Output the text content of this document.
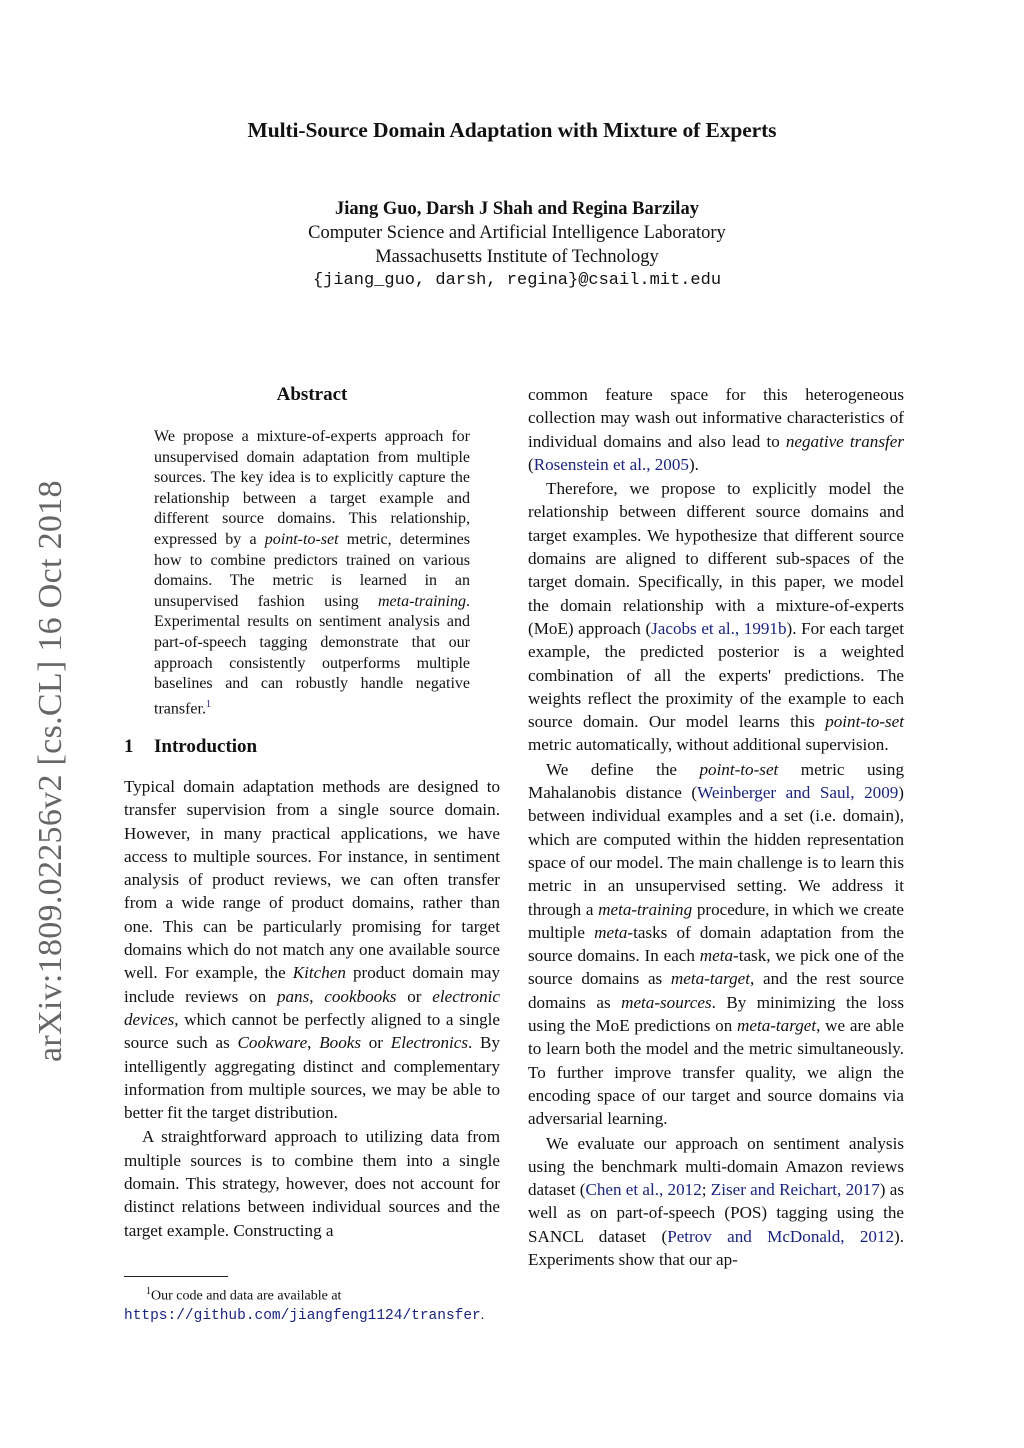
Multi-Source Domain Adaptation with Mixture of Experts
Jiang Guo, Darsh J Shah and Regina Barzilay
Computer Science and Artificial Intelligence Laboratory
Massachusetts Institute of Technology
{jiang_guo, darsh, regina}@csail.mit.edu
arXiv:1809.02256v2 [cs.CL] 16 Oct 2018
Abstract
We propose a mixture-of-experts approach for unsupervised domain adaptation from multiple sources. The key idea is to explicitly capture the relationship between a target example and different source domains. This relationship, expressed by a point-to-set metric, determines how to combine predictors trained on various domains. The metric is learned in an unsupervised fashion using meta-training. Experimental results on sentiment analysis and part-of-speech tagging demonstrate that our approach consistently outperforms multiple baselines and can robustly handle negative transfer.$^1$
1 Introduction

Typical domain adaptation methods are designed to transfer supervision from a single source domain. However, in many practical applications, we have access to multiple sources. For instance, in sentiment analysis of product reviews, we can often transfer from a wide range of product domains, rather than one. This can be particularly promising for target domains which do not match any one available source well. For example, the Kitchen product domain may include reviews on pans, cookbooks or electronic devices, which cannot be perfectly aligned to a single source such as Cookware, Books or Electronics. By intelligently aggregating distinct and complementary information from multiple sources, we may be able to better fit the target distribution.

A straightforward approach to utilizing data from multiple sources is to combine them into a single domain. This strategy, however, does not account for distinct relations between individual sources and the target example. Constructing a

common feature space for this heterogeneous collection may wash out informative characteristics of individual domains and also lead to negative transfer (Rosenstein et al., 2005).

Therefore, we propose to explicitly model the relationship between different source domains and target examples. We hypothesize that different source domains are aligned to different sub-spaces of the target domain. Specifically, in this paper, we model the domain relationship with a mixture-of-experts (MoE) approach (Jacobs et al., 1991b). For each target example, the predicted posterior is a weighted combination of all the experts' predictions. The weights reflect the proximity of the example to each source domain. Our model learns this point-to-set metric automatically, without additional supervision.

We define the point-to-set metric using Mahalanobis distance (Weinberger and Saul, 2009) between individual examples and a set (i.e. domain), which are computed within the hidden representation space of our model. The main challenge is to learn this metric in an unsupervised setting. We address it through a meta-training procedure, in which we create multiple meta-tasks of domain adaptation from the source domains. In each meta-task, we pick one of the source domains as meta-target, and the rest source domains as meta-sources. By minimizing the loss using the MoE predictions on meta-target, we are able to learn both the model and the metric simultaneously. To further improve transfer quality, we align the encoding space of our target and source domains via adversarial learning.

We evaluate our approach on sentiment analysis using the benchmark multi-domain Amazon reviews dataset (Chen et al., 2012; Ziser and Reichart, 2017) as well as on part-of-speech (POS) tagging using the SANCL dataset (Petrov and McDonald, 2012). Experiments show that our ap-

$^1$Our code and data are available at https://github.com/jiangfeng1124/transfer.
